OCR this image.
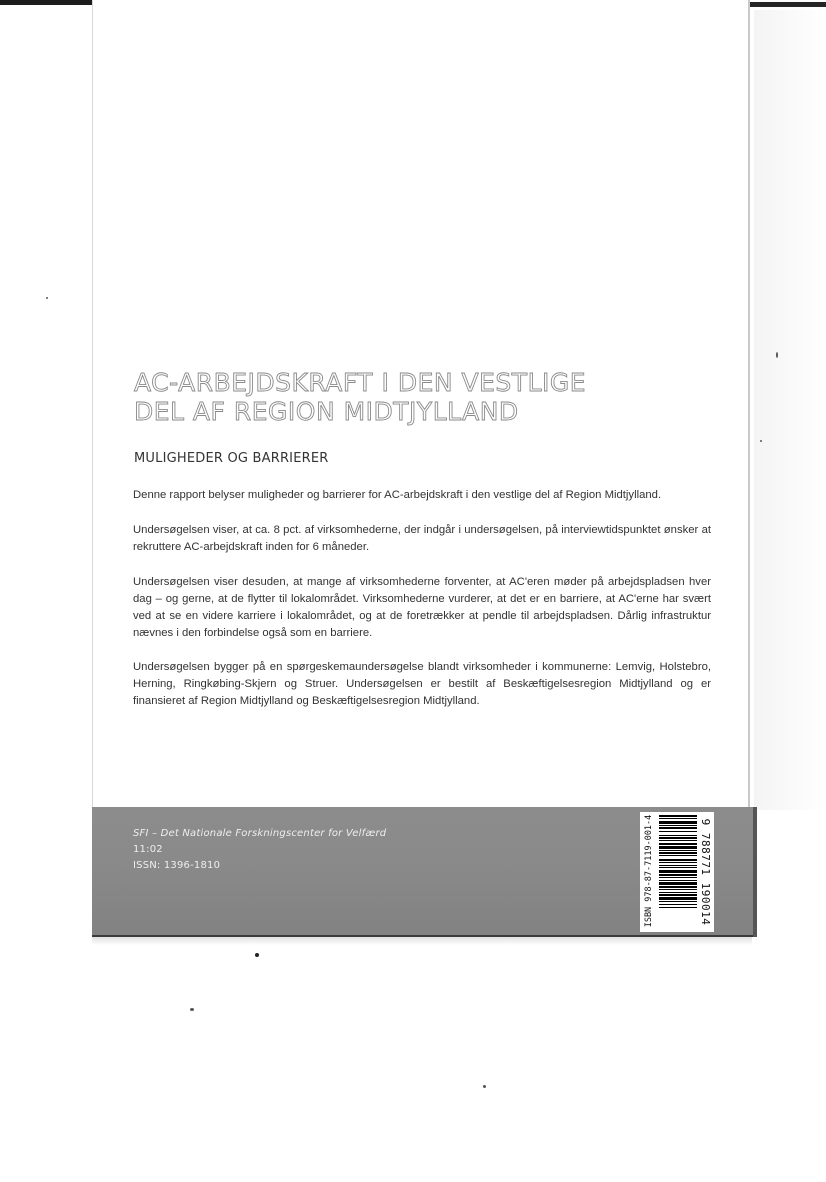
AC-ARBEJDSKRAFT I DEN VESTLIGE
DEL AF REGION MIDTJYLLAND
MULIGHEDER OG BARRIERER

Denne rapport belyser muligheder og barrierer for AC-arbejdskraft i den vestlige del af Region Midtjylland.

Undersøgelsen viser, at ca. 8 pct. af virksomhederne, der indgår i undersøgelsen, på interviewtidspunktet ønsker at rekruttere AC-arbejdskraft inden for 6 måneder.

Undersøgelsen viser desuden, at mange af virksomhederne forventer, at AC'eren møder på arbejdspladsen hver dag – og gerne, at de flytter til lokalområdet. Virksomhederne vurderer, at det er en barriere, at AC'erne har svært ved at se en videre karriere i lokalområdet, og at de foretrækker at pendle til arbejdspladsen. Dårlig infrastruktur nævnes i den forbindelse også som en barriere.

Undersøgelsen bygger på en spørgeskemaundersøgelse blandt virksomheder i kommunerne: Lemvig, Holstebro, Herning, Ringkøbing-Skjern og Struer. Undersøgelsen er bestilt af Beskæftigelsesregion Midtjylland og er finansieret af Region Midtjylland og Beskæftigelsesregion Midtjylland.

SFI – Det Nationale Forskningscenter for Velfærd
11:02
ISSN: 1396-1810	ISBN 978-87-7119-001-4	9 788771 190014
